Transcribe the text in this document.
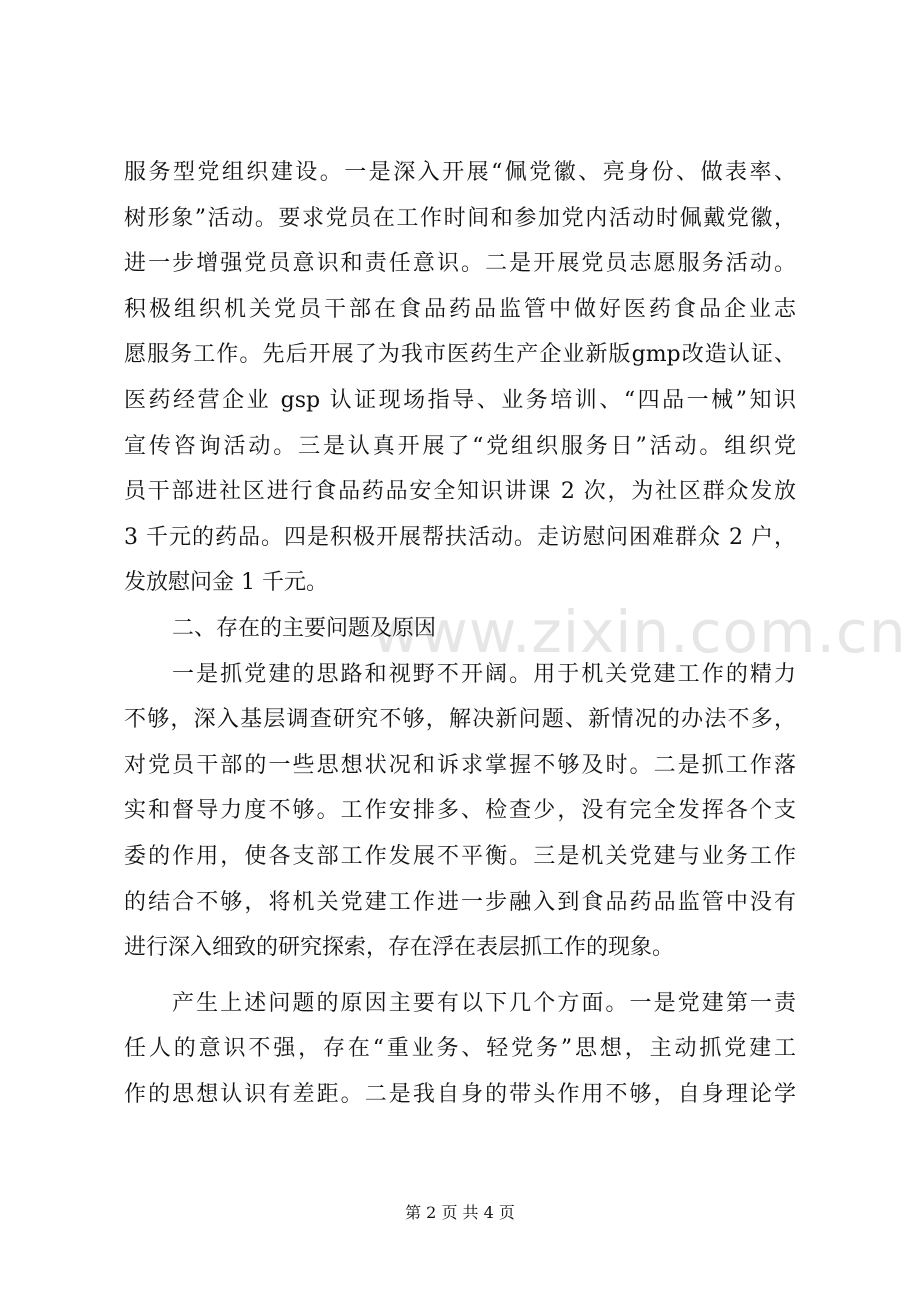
www.zixin.com.cn
服务型党组织建设。一是深入开展“佩党徽、亮身份、做表率、
树形象”活动。要求党员在工作时间和参加党内活动时佩戴党徽，
进一步增强党员意识和责任意识。二是开展党员志愿服务活动。
积极组织机关党员干部在食品药品监管中做好医药食品企业志
愿服务工作。先后开展了为我市医药生产企业新版gmp改造认证、
医药经营企业 gsp 认证现场指导、业务培训、“四品一械”知识
宣传咨询活动。三是认真开展了“党组织服务日”活动。组织党
员干部进社区进行食品药品安全知识讲课 2 次，为社区群众发放
3 千元的药品。四是积极开展帮扶活动。走访慰问困难群众 2 户，
发放慰问金 1 千元。
二、存在的主要问题及原因
一是抓党建的思路和视野不开阔。用于机关党建工作的精力
不够，深入基层调查研究不够，解决新问题、新情况的办法不多，
对党员干部的一些思想状况和诉求掌握不够及时。二是抓工作落
实和督导力度不够。工作安排多、检查少，没有完全发挥各个支
委的作用，使各支部工作发展不平衡。三是机关党建与业务工作
的结合不够，将机关党建工作进一步融入到食品药品监管中没有
进行深入细致的研究探索，存在浮在表层抓工作的现象。
产生上述问题的原因主要有以下几个方面。一是党建第一责
任人的意识不强，存在“重业务、轻党务”思想，主动抓党建工
作的思想认识有差距。二是我自身的带头作用不够，自身理论学
第 2 页 共 4 页
